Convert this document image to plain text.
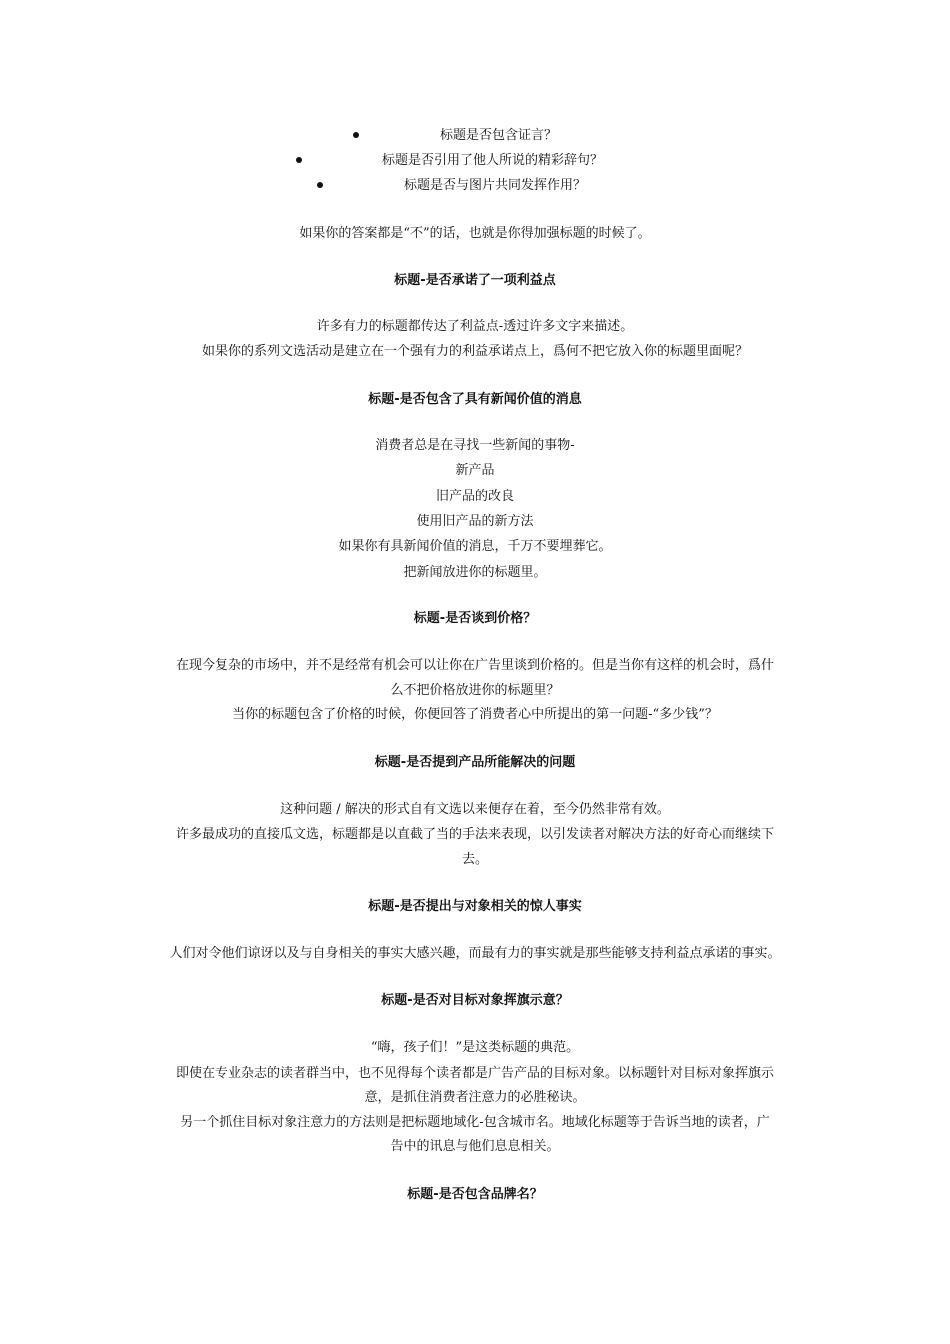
标题是否包含证言？
标题是否引用了他人所说的精彩辞句？
标题是否与图片共同发挥作用？
如果你的答案都是“不”的话，也就是你得加强标题的时候了。
标题-是否承诺了一项利益点
许多有力的标题都传达了利益点-透过许多文字来描述。
如果你的系列文选活动是建立在一个强有力的利益承诺点上，爲何不把它放入你的标题里面呢？
标题-是否包含了具有新闻价值的消息
消费者总是在寻找一些新闻的事物-
新产品
旧产品的改良
使用旧产品的新方法
如果你有具新闻价值的消息，千万不要埋葬它。
把新闻放进你的标题里。
标题-是否谈到价格？
在现今复杂的市场中，并不是经常有机会可以让你在广告里谈到价格的。但是当你有这样的机会时，爲什
么不把价格放进你的标题里？
当你的标题包含了价格的时候，你便回答了消费者心中所提出的第一问题-“多少钱”？
标题-是否提到产品所能解决的问题
这种问题 / 解决的形式自有文选以来便存在着，至今仍然非常有效。
许多最成功的直接瓜文选，标题都是以直截了当的手法来表现，以引发读者对解决方法的好奇心而继续下
去。
标题-是否提出与对象相关的惊人事实
人们对令他们谅讶以及与自身相关的事实大感兴趣，而最有力的事实就是那些能够支持利益点承诺的事实。
标题-是否对目标对象挥旗示意？
“嗨，孩子们！”是这类标题的典范。
即使在专业杂志的读者群当中，也不见得每个读者都是广告产品的目标对象。以标题针对目标对象挥旗示
意，是抓住消费者注意力的必胜秘诀。
另一个抓住目标对象注意力的方法则是把标题地域化-包含城市名。地域化标题等于告诉当地的读者，广
告中的讯息与他们息息相关。
标题-是否包含品牌名？
